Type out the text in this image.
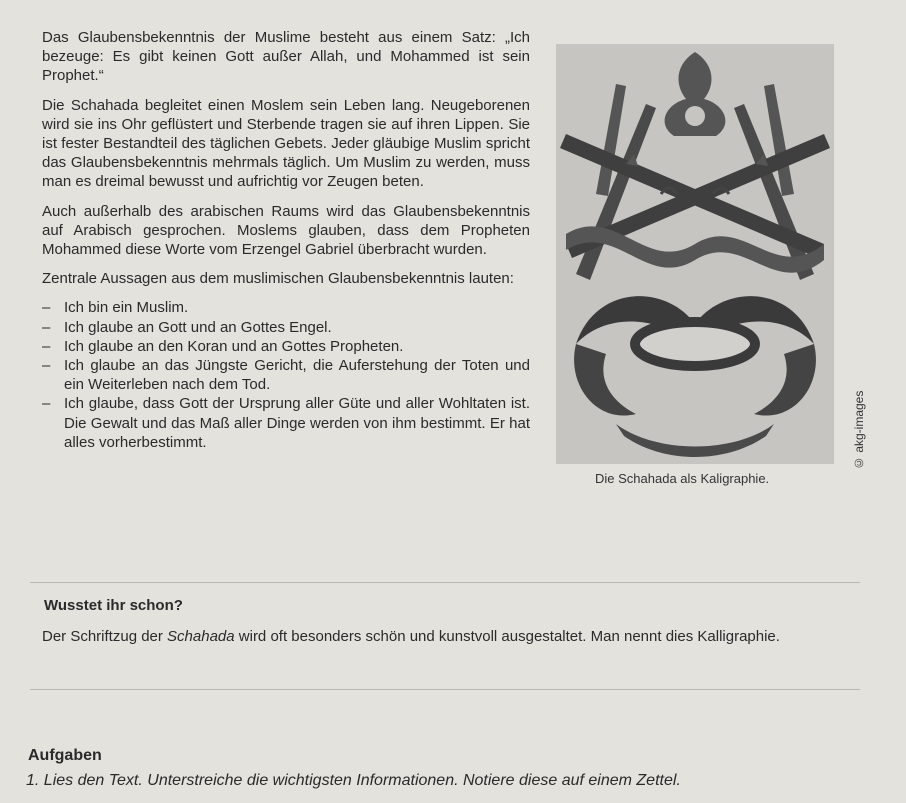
Das Glaubensbekenntnis der Muslime besteht aus einem Satz: „Ich bezeuge: Es gibt keinen Gott außer Allah, und Mohammed ist sein Prophet.“

Die Schahada begleitet einen Moslem sein Leben lang. Neugeborenen wird sie ins Ohr geflüstert und Sterbende tragen sie auf ihren Lippen. Sie ist fester Bestandteil des täglichen Gebets. Jeder gläubige Muslim spricht das Glaubensbekenntnis mehrmals täglich. Um Muslim zu werden, muss man es dreimal bewusst und aufrichtig vor Zeugen beten.

Auch außerhalb des arabischen Raums wird das Glaubensbekenntnis auf Arabisch gesprochen. Moslems glauben, dass dem Propheten Mohammed diese Worte vom Erzengel Gabriel überbracht wurden.

Zentrale Aussagen aus dem muslimischen Glaubensbekenntnis lauten:

– Ich bin ein Muslim.
– Ich glaube an Gott und an Gottes Engel.
– Ich glaube an den Koran und an Gottes Propheten.
– Ich glaube an das Jüngste Gericht, die Auferstehung der Toten und ein Weiterleben nach dem Tod.
– Ich glaube, dass Gott der Ursprung aller Güte und aller Wohltaten ist. Die Gewalt und das Maß aller Dinge werden von ihm bestimmt. Er hat alles vorherbestimmt.	© akg-images
Die Schahada als Kaligraphie.
Wusstet ihr schon?
Der Schriftzug der Schahada wird oft besonders schön und kunstvoll ausgestaltet. Man nennt dies Kalligraphie.
Aufgaben
1. Lies den Text. Unterstreiche die wichtigsten Informationen. Notiere diese auf einem Zettel.
